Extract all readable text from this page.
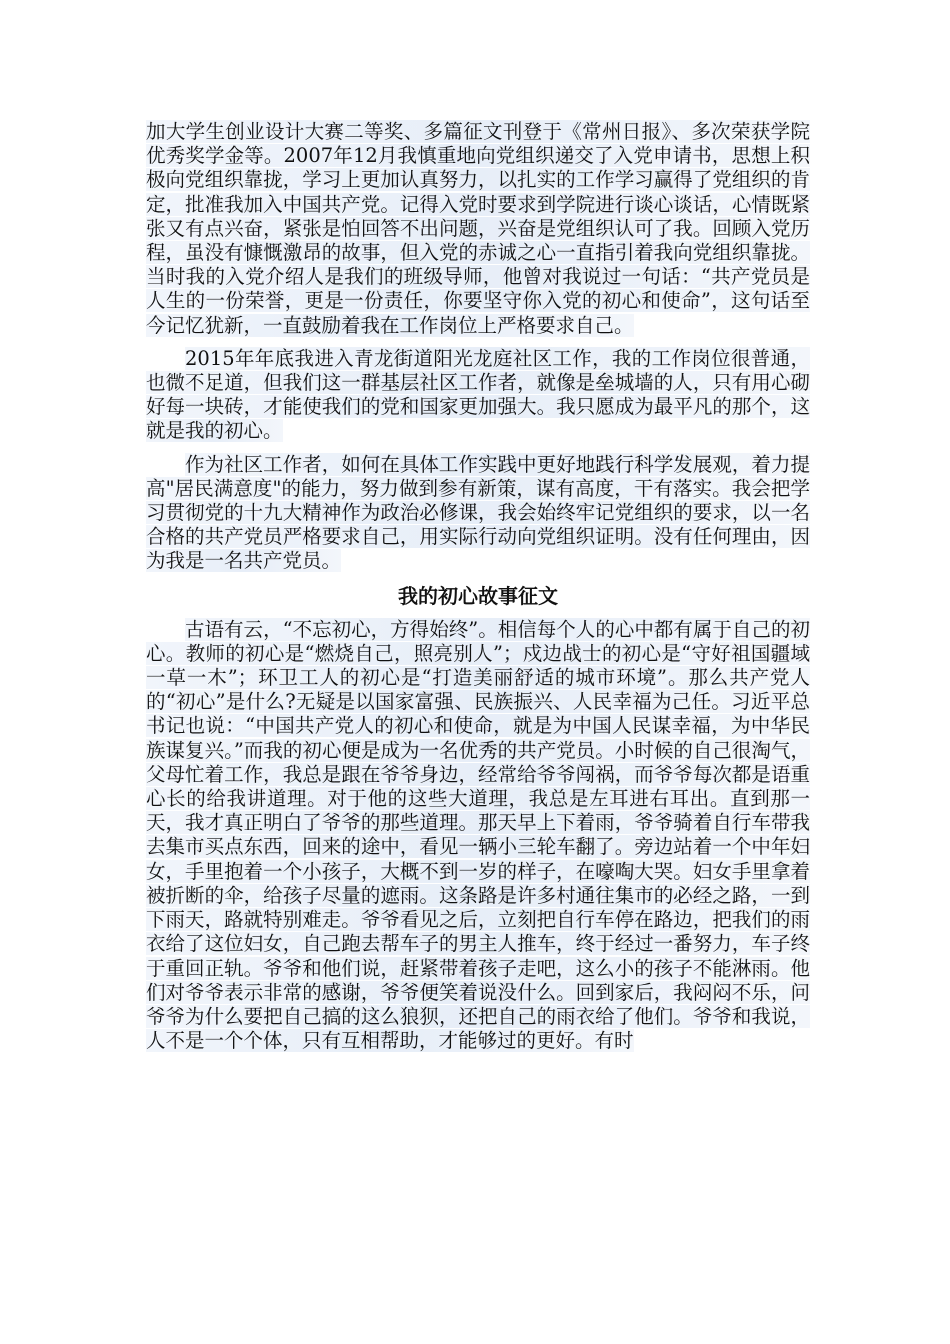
加大学生创业设计大赛二等奖、多篇征文刊登于《常州日报》、多次荣获学院优秀奖学金等。2007年12月我慎重地向党组织递交了入党申请书，思想上积极向党组织靠拢，学习上更加认真努力，以扎实的工作学习赢得了党组织的肯定，批准我加入中国共产党。记得入党时要求到学院进行谈心谈话，心情既紧张又有点兴奋，紧张是怕回答不出问题，兴奋是党组织认可了我。回顾入党历程，虽没有慷慨激昂的故事，但入党的赤诚之心一直指引着我向党组织靠拢。当时我的入党介绍人是我们的班级导师，他曾对我说过一句话：“共产党员是人生的一份荣誉，更是一份责任，你要坚守你入党的初心和使命”，这句话至今记忆犹新，一直鼓励着我在工作岗位上严格要求自己。

2015年年底我进入青龙街道阳光龙庭社区工作，我的工作岗位很普通，也微不足道，但我们这一群基层社区工作者，就像是垒城墙的人，只有用心砌好每一块砖，才能使我们的党和国家更加强大。我只愿成为最平凡的那个，这就是我的初心。

作为社区工作者，如何在具体工作实践中更好地践行科学发展观，着力提高"居民满意度"的能力，努力做到参有新策，谋有高度，干有落实。我会把学习贯彻党的十九大精神作为政治必修课，我会始终牢记党组织的要求，以一名合格的共产党员严格要求自己，用实际行动向党组织证明。没有任何理由，因为我是一名共产党员。

我的初心故事征文

古语有云，“不忘初心，方得始终”。相信每个人的心中都有属于自己的初心。教师的初心是“燃烧自己，照亮别人”；戍边战士的初心是“守好祖国疆域一草一木”；环卫工人的初心是“打造美丽舒适的城市环境”。那么共产党人的“初心”是什么?无疑是以国家富强、民族振兴、人民幸福为己任。习近平总书记也说：“中国共产党人的初心和使命，就是为中国人民谋幸福，为中华民族谋复兴。”而我的初心便是成为一名优秀的共产党员。小时候的自己很淘气，父母忙着工作，我总是跟在爷爷身边，经常给爷爷闯祸，而爷爷每次都是语重心长的给我讲道理。对于他的这些大道理，我总是左耳进右耳出。直到那一天，我才真正明白了爷爷的那些道理。那天早上下着雨，爷爷骑着自行车带我去集市买点东西，回来的途中，看见一辆小三轮车翻了。旁边站着一个中年妇女，手里抱着一个小孩子，大概不到一岁的样子，在嚎啕大哭。妇女手里拿着被折断的伞，给孩子尽量的遮雨。这条路是许多村通往集市的必经之路，一到下雨天，路就特别难走。爷爷看见之后，立刻把自行车停在路边，把我们的雨衣给了这位妇女，自己跑去帮车子的男主人推车，终于经过一番努力，车子终于重回正轨。爷爷和他们说，赶紧带着孩子走吧，这么小的孩子不能淋雨。他们对爷爷表示非常的感谢，爷爷便笑着说没什么。回到家后，我闷闷不乐，问爷爷为什么要把自己搞的这么狼狈，还把自己的雨衣给了他们。爷爷和我说，人不是一个个体，只有互相帮助，才能够过的更好。有时
